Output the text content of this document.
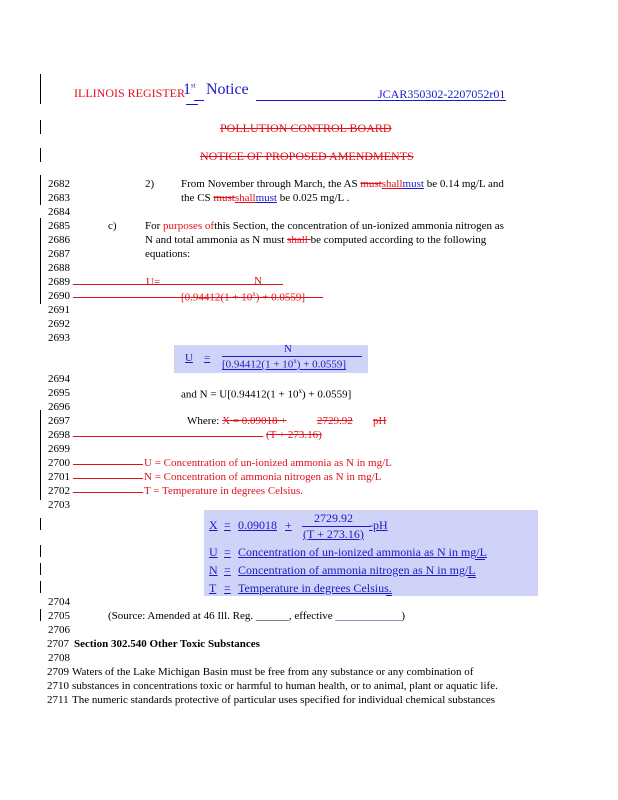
ILLINOIS REGISTER
1st Notice	JCAR350302-2207052r01
POLLUTION CONTROL BOARD
NOTICE OF PROPOSED AMENDMENTS
2682
2683
2684
2685
2686
2687
2688
2689
2690
2691
2692
2693
2694
2695
2696
2697
2698
2699
2700
2701
2702
2703
2704
2705
2706
2707
2708
2709
2710
2711
2) From November through March, the AS mustshallmust be 0.14 mg/L and
the CS mustshallmust be 0.025 mg/L .
c)	For purposes ofthis Section, the concentration of un-ionized ammonia nitrogen as
N and total ammonia as N must shall be computed according to the following
equations:
U=	N
$[0.94412(1 + 10^x) + 0.0559]$
N
U =
$[0.94412(1 + 10^x) + 0.0559]$
and $N = U[0.94412(1 + 10^x) + 0.0559]$
Where: X = 0.09018 +	2729.92 pH
(T + 273.16)
U = Concentration of un-ionized ammonia as N in mg/L
N = Concentration of ammonia nitrogen as N in mg/L
T = Temperature in degrees Celsius.
X = 0.09018 + 2729.92
(T + 273.16)
-pH
U = Concentration of un-ionized ammonia as N in mg/L
N = Concentration of ammonia nitrogen as N in mg/L
T = Temperature in degrees Celsius.
(Source: Amended at 46 Ill. Reg. ______, effective ____________)
Section 302.540 Other Toxic Substances
Waters of the Lake Michigan Basin must be free from any substance or any combination of
substances in concentrations toxic or harmful to human health, or to animal, plant or aquatic life.
The numeric standards protective of particular uses specified for individual chemical substances
